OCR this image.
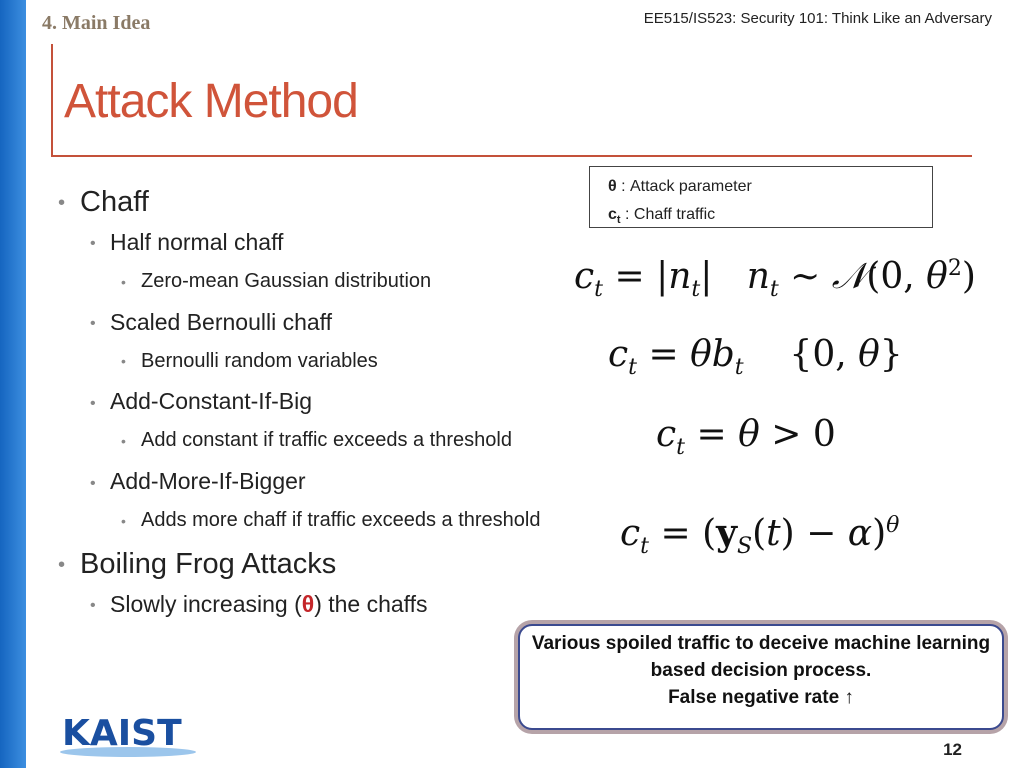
4. Main Idea	EE515/IS523: Security 101: Think Like an Adversary
Attack Method
• Chaff
• Half normal chaff
• Zero-mean Gaussian distribution
• Scaled Bernoulli chaff
• Bernoulli random variables
• Add-Constant-If-Big
• Add constant if traffic exceeds a threshold
• Add-More-If-Bigger
• Adds more chaff if traffic exceeds a threshold
• Boiling Frog Attacks
• Slowly increasing (θ) the chaffs
θ : Attack parameter
$c_t$ : Chaff traffic
$c_t = |n_t|$   $n_t$ ∼ 𝒩(0, $\theta^2$)
$c_t = \theta b_t$    {0, θ}
$c_t = \theta > 0$
$c_t = (y_S(t) - \alpha)^\theta$
Various spoiled traffic to deceive machine learning based decision process.
False negative rate ↑
KAIST	12
